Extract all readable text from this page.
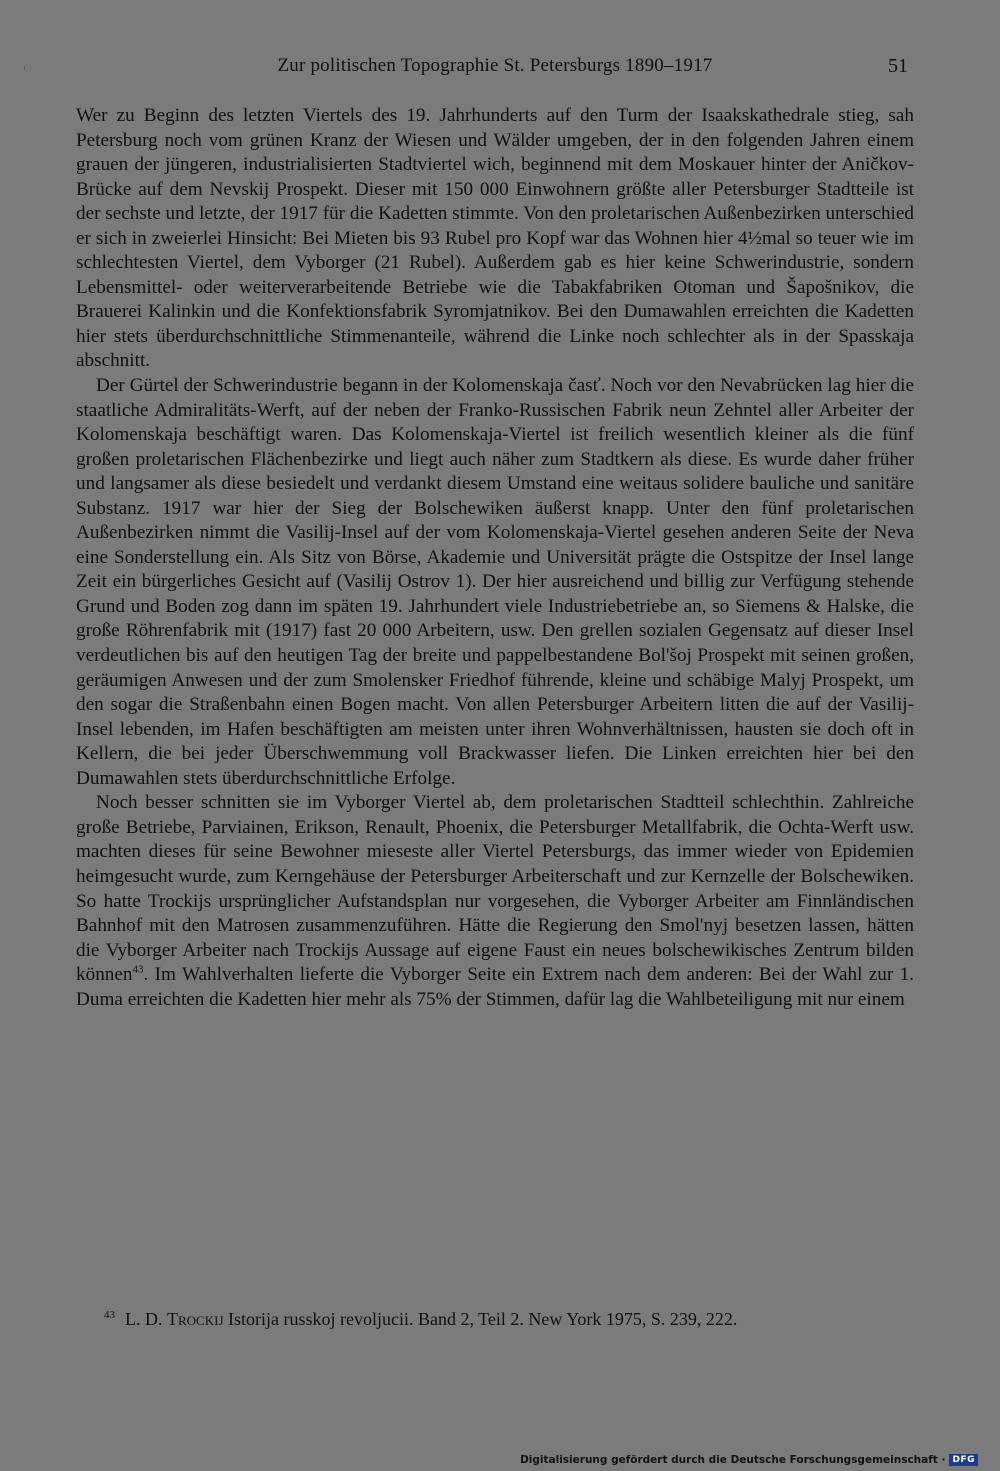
Zur politischen Topographie St. Petersburgs 1890–1917	51

Wer zu Beginn des letzten Viertels des 19. Jahrhunderts auf den Turm der Isaakskathedrale stieg, sah Petersburg noch vom grünen Kranz der Wiesen und Wälder umgeben, der in den folgenden Jahren einem grauen der jüngeren, industrialisierten Stadtviertel wich, beginnend mit dem Moskauer hinter der Aničkov-Brücke auf dem Nevskij Prospekt. Dieser mit 150 000 Einwohnern größte aller Petersburger Stadtteile ist der sechste und letzte, der 1917 für die Kadetten stimmte. Von den proletarischen Außenbezirken unterschied er sich in zweierlei Hinsicht: Bei Mieten bis 93 Rubel pro Kopf war das Wohnen hier 4½mal so teuer wie im schlechtesten Viertel, dem Vyborger (21 Rubel). Außerdem gab es hier keine Schwerindustrie, sondern Lebensmittel- oder weiterverarbeitende Betriebe wie die Tabakfabriken Otoman und Šapošnikov, die Brauerei Kalinkin und die Konfektionsfabrik Syromjatnikov. Bei den Dumawahlen erreichten die Kadetten hier stets überdurchschnittliche Stimmenanteile, während die Linke noch schlechter als in der Spasskaja abschnitt.

Der Gürtel der Schwerindustrie begann in der Kolomenskaja časť. Noch vor den Nevabrücken lag hier die staatliche Admiralitäts-Werft, auf der neben der Franko-Russischen Fabrik neun Zehntel aller Arbeiter der Kolomenskaja beschäftigt waren. Das Kolomenskaja-Viertel ist freilich wesentlich kleiner als die fünf großen proletarischen Flächenbezirke und liegt auch näher zum Stadtkern als diese. Es wurde daher früher und langsamer als diese besiedelt und verdankt diesem Umstand eine weitaus solidere bauliche und sanitäre Substanz. 1917 war hier der Sieg der Bolschewiken äußerst knapp. Unter den fünf proletarischen Außenbezirken nimmt die Vasilij-Insel auf der vom Kolomenskaja-Viertel gesehen anderen Seite der Neva eine Sonderstellung ein. Als Sitz von Börse, Akademie und Universität prägte die Ostspitze der Insel lange Zeit ein bürgerliches Gesicht auf (Vasilij Ostrov 1). Der hier ausreichend und billig zur Verfügung stehende Grund und Boden zog dann im späten 19. Jahrhundert viele Industriebetriebe an, so Siemens & Halske, die große Röhrenfabrik mit (1917) fast 20 000 Arbeitern, usw. Den grellen sozialen Gegensatz auf dieser Insel verdeutlichen bis auf den heutigen Tag der breite und pappelbestandene Bol'šoj Prospekt mit seinen großen, geräumigen Anwesen und der zum Smolensker Friedhof führende, kleine und schäbige Malyj Prospekt, um den sogar die Straßenbahn einen Bogen macht. Von allen Petersburger Arbeitern litten die auf der Vasilij-Insel lebenden, im Hafen beschäftigten am meisten unter ihren Wohnverhältnissen, hausten sie doch oft in Kellern, die bei jeder Überschwemmung voll Brackwasser liefen. Die Linken erreichten hier bei den Dumawahlen stets überdurchschnittliche Erfolge.

Noch besser schnitten sie im Vyborger Viertel ab, dem proletarischen Stadtteil schlechthin. Zahlreiche große Betriebe, Parviainen, Erikson, Renault, Phoenix, die Petersburger Metallfabrik, die Ochta-Werft usw. machten dieses für seine Bewohner mieseste aller Viertel Petersburgs, das immer wieder von Epidemien heimgesucht wurde, zum Kerngehäuse der Petersburger Arbeiterschaft und zur Kernzelle der Bolschewiken. So hatte Trockijs ursprünglicher Aufstandsplan nur vorgesehen, die Vyborger Arbeiter am Finnländischen Bahnhof mit den Matrosen zusammenzuführen. Hätte die Regierung den Smol'nyj besetzen lassen, hätten die Vyborger Arbeiter nach Trockijs Aussage auf eigene Faust ein neues bolschewikisches Zentrum bilden können$^{43}$. Im Wahlverhalten lieferte die Vyborger Seite ein Extrem nach dem anderen: Bei der Wahl zur 1. Duma erreichten die Kadetten hier mehr als 75% der Stimmen, dafür lag die Wahlbeteiligung mit nur einem

$^{43}$ L. D. Trockij Istorija russkoj revoljucii. Band 2, Teil 2. New York 1975, S. 239, 222.
Digitalisierung gefördert durch die Deutsche Forschungsgemeinschaft · DFG
